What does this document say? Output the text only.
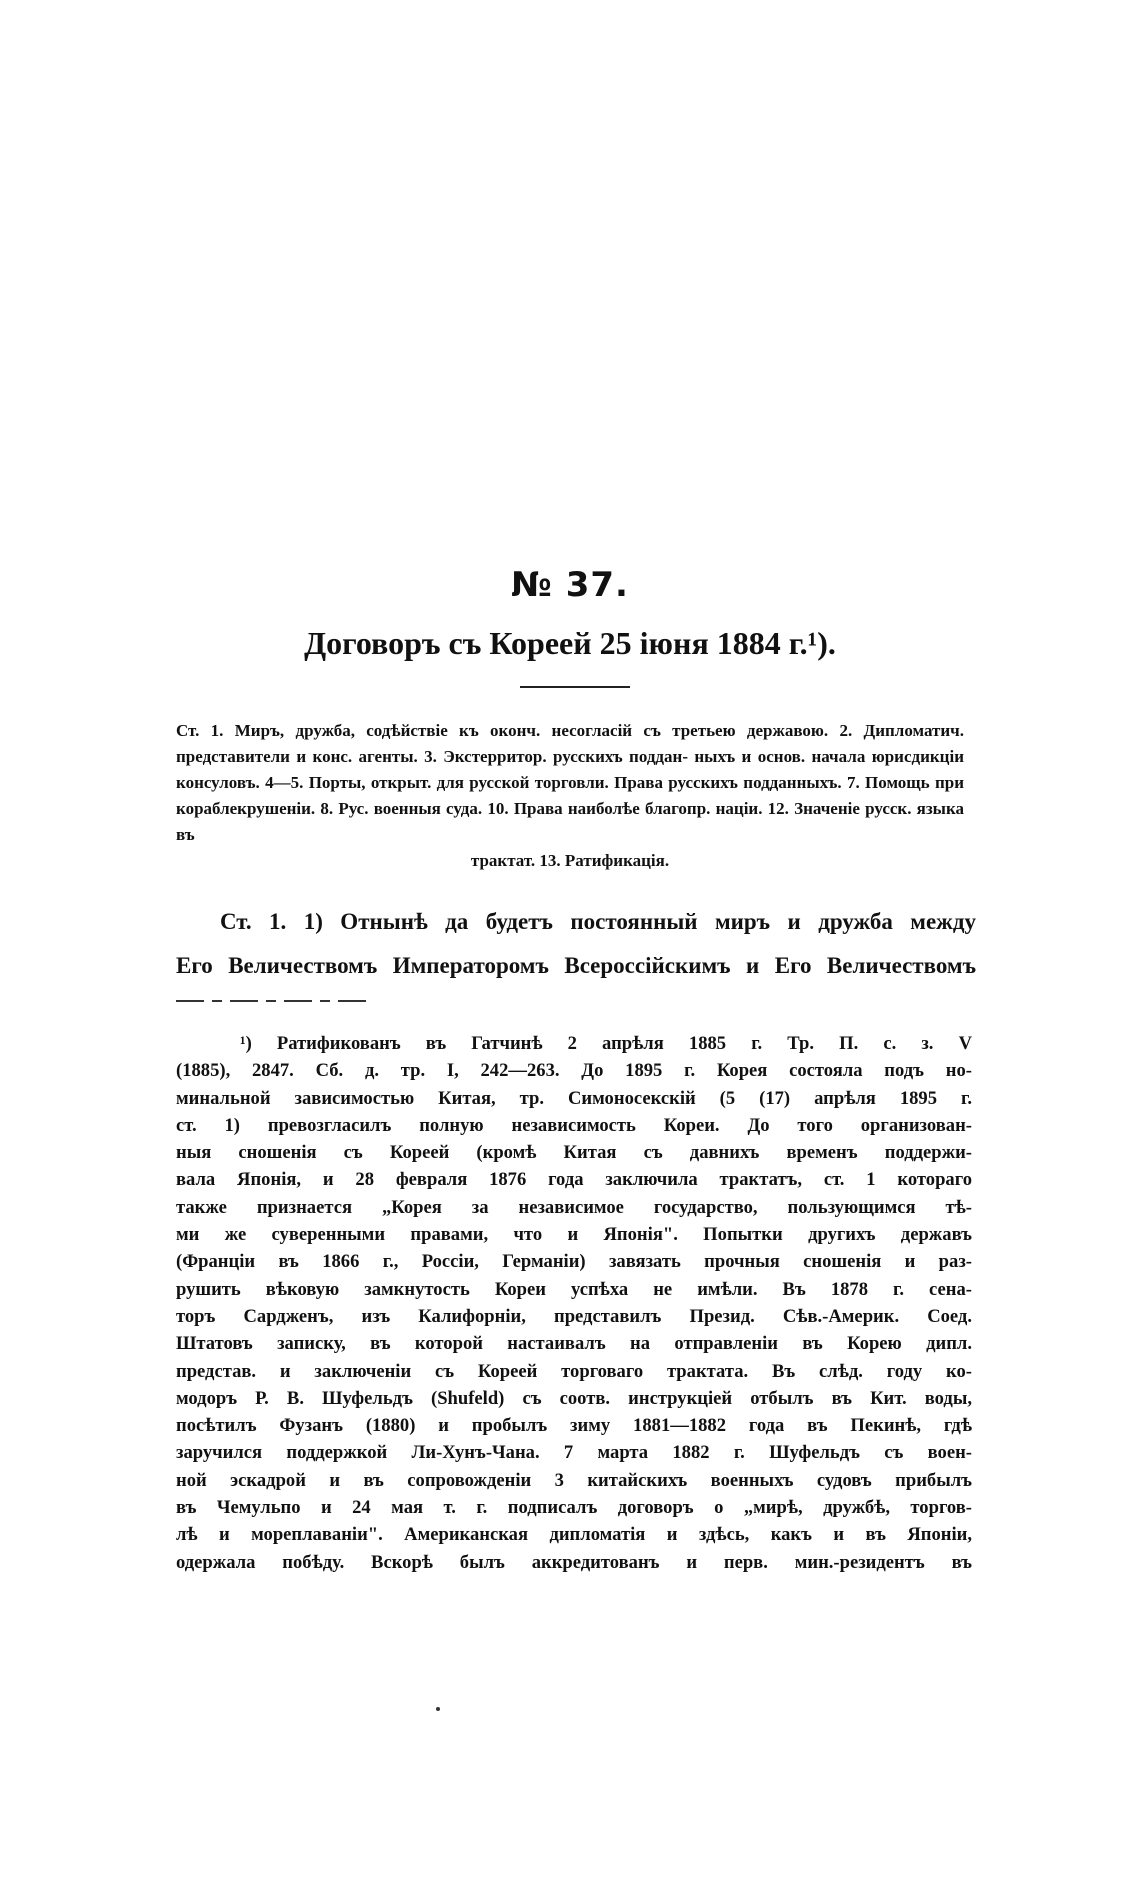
№ 37.
Договоръ съ Кореей 25 іюня 1884 г.¹).
Ст. 1. Миръ, дружба, содѣйствіе къ оконч. несогласій съ третьею державою. 2. Дипломатич. представители и конс. агенты. 3. Экстерритор. русскихъ поддан- ныхъ и основ. начала юрисдикціи консуловъ. 4—5. Порты, открыт. для русской торговли. Права русскихъ подданныхъ. 7. Помощь при кораблекрушеніи. 8. Рус. военныя суда. 10. Права наиболѣе благопр. націи. 12. Значеніе русск. языка въ
трактат. 13. Ратификація.
Ст. 1. 1) Отнынѣ да будетъ постоянный миръ и дружба между
Его Величествомъ Императоромъ Всероссійскимъ и Его Величествомъ
¹) Ратификованъ въ Гатчинѣ 2 апрѣля 1885 г. Тр. П. с. з. V
(1885), 2847. Сб. д. тр. I, 242—263. До 1895 г. Корея состояла подъ но-
минальной зависимостью Китая, тр. Симоносекскій (5 (17) апрѣля 1895 г.
ст. 1) превозгласилъ полную независимость Кореи. До того организован-
ныя сношенія съ Кореей (кромѣ Китая съ давнихъ временъ поддержи-
вала Японія, и 28 февраля 1876 года заключила трактатъ, ст. 1 котораго
также признается „Корея за независимое государство, пользующимся тѣ-
ми же суверенными правами, что и Японія". Попытки другихъ державъ
(Франціи въ 1866 г., Россіи, Германіи) завязать прочныя сношенія и раз-
рушить вѣковую замкнутость Кореи успѣха не имѣли. Въ 1878 г. сена-
торъ Сардженъ, изъ Калифорніи, представилъ Презид. Сѣв.-Америк. Соед.
Штатовъ записку, въ которой настаивалъ на отправленіи въ Корею дипл.
представ. и заключеніи съ Кореей торговаго трактата. Въ слѣд. году ко-
модоръ Р. В. Шуфельдъ (Shufeld) съ соотв. инструкціей отбылъ въ Кит. воды,
посѣтилъ Фузанъ (1880) и пробылъ зиму 1881—1882 года въ Пекинѣ, гдѣ
заручился поддержкой Ли-Хунъ-Чана. 7 марта 1882 г. Шуфельдъ съ воен-
ной эскадрой и въ сопровожденіи 3 китайскихъ военныхъ судовъ прибылъ
въ Чемульпо и 24 мая т. г. подписалъ договоръ о „мирѣ, дружбѣ, торгов-
лѣ и мореплаваніи". Американская дипломатія и здѣсь, какъ и въ Японіи,
одержала побѣду. Вскорѣ былъ аккредитованъ и перв. мин.-резидентъ въ
